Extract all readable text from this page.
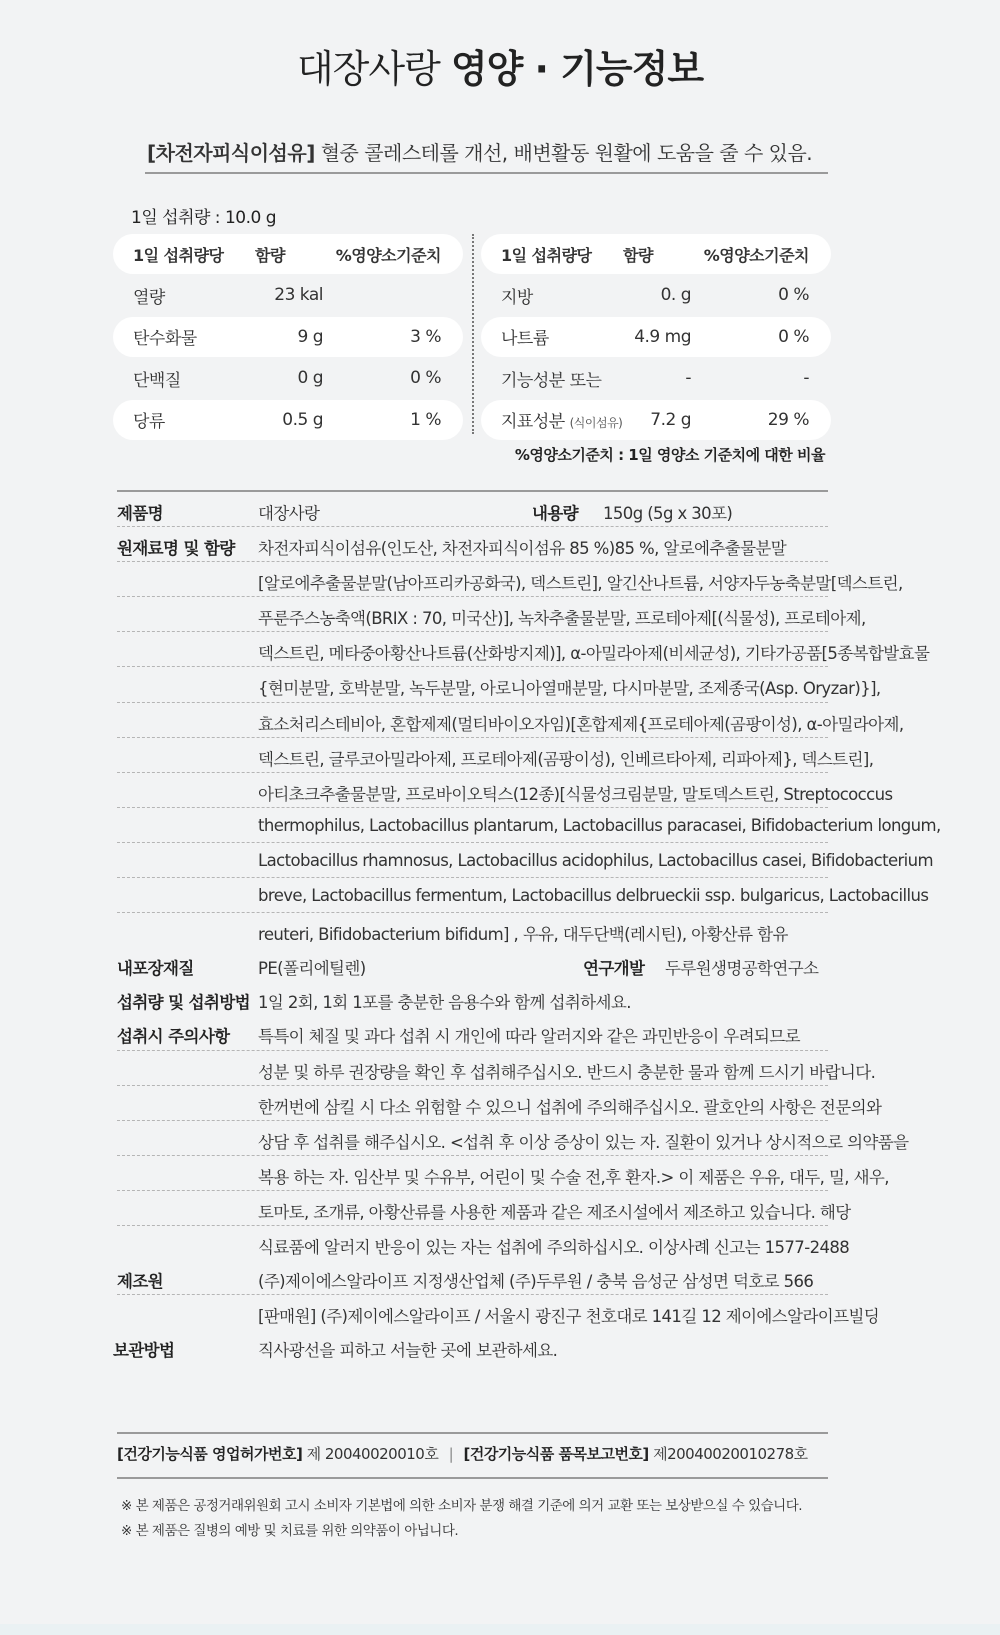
대장사랑 영양 · 기능정보
[차전자피식이섬유] 혈중 콜레스테롤 개선, 배변활동 원활에 도움을 줄 수 있음.
1일 섭취량 : 10.0 g
1일 섭취량당	함량	%영양소기준치
열량	23 kal
탄수화물	9 g	3 %
단백질	0 g	0 %
당류	0.5 g	1 %
1일 섭취량당	함량	%영양소기준치
지방	0. g	0 %
나트륨	4.9 mg	0 %
기능성분 또는	-	-
지표성분 (식이섬유)	7.2 g	29 %
%영양소기준치 : 1일 영양소 기준치에 대한 비율
제품명	대장사랑	내용량 150g (5g x 30포)
원재료명 및 함량 차전자피식이섬유(인도산, 차전자피식이섬유 85 %)85 %, 알로에추출물분말
[알로에추출물분말(남아프리카공화국), 덱스트린], 알긴산나트륨, 서양자두농축분말[덱스트린,
푸룬주스농축액(BRIX : 70, 미국산)], 녹차추출물분말, 프로테아제[(식물성), 프로테아제,
덱스트린, 메타중아황산나트륨(산화방지제)], α-아밀라아제(비세균성), 기타가공품[5종복합발효물
{현미분말, 호박분말, 녹두분말, 아로니아열매분말, 다시마분말, 조제종국(Asp. Oryzar)}],
효소처리스테비아, 혼합제제(멀티바이오자임)[혼합제제{프로테아제(곰팡이성), α-아밀라아제,
덱스트린, 글루코아밀라아제, 프로테아제(곰팡이성), 인베르타아제, 리파아제}, 덱스트린],
아티초크추출물분말, 프로바이오틱스(12종)[식물성크림분말, 말토덱스트린, Streptococcus
thermophilus, Lactobacillus plantarum, Lactobacillus paracasei, Bifidobacterium longum,
Lactobacillus rhamnosus, Lactobacillus acidophilus, Lactobacillus casei, Bifidobacterium
breve, Lactobacillus fermentum, Lactobacillus delbrueckii ssp. bulgaricus, Lactobacillus
reuteri, Bifidobacterium bifidum] , 우유, 대두단백(레시틴), 아황산류 함유
내포장재질	PE(폴리에틸렌)	연구개발 두루원생명공학연구소
섭취량 및 섭취방법 1일 2회, 1회 1포를 충분한 음용수와 함께 섭취하세요.
섭취시 주의사항 특특이 체질 및 과다 섭취 시 개인에 따라 알러지와 같은 과민반응이 우려되므로
성분 및 하루 권장량을 확인 후 섭취해주십시오. 반드시 충분한 물과 함께 드시기 바랍니다.
한꺼번에 삼킬 시 다소 위험할 수 있으니 섭취에 주의해주십시오. 괄호안의 사항은 전문의와
상담 후 섭취를 해주십시오. <섭취 후 이상 증상이 있는 자. 질환이 있거나 상시적으로 의약품을
복용 하는 자. 임산부 및 수유부, 어린이 및 수술 전,후 환자.> 이 제품은 우유, 대두, 밀, 새우,
토마토, 조개류, 아황산류를 사용한 제품과 같은 제조시설에서 제조하고 있습니다. 해당
식료품에 알러지 반응이 있는 자는 섭취에 주의하십시오. 이상사례 신고는 1577-2488
제조원	(주)제이에스알라이프 지정생산업체 (주)두루원 / 충북 음성군 삼성면 덕호로 566
[판매원] (주)제이에스알라이프 / 서울시 광진구 천호대로 141길 12 제이에스알라이프빌딩
보관방법	직사광선을 피하고 서늘한 곳에 보관하세요.
[건강기능식품 영업허가번호] 제 20040020010호 | [건강기능식품 품목보고번호] 제20040020010278호
※ 본 제품은 공정거래위원회 고시 소비자 기본법에 의한 소비자 분쟁 해결 기준에 의거 교환 또는 보상받으실 수 있습니다.
※ 본 제품은 질병의 예방 및 치료를 위한 의약품이 아닙니다.
